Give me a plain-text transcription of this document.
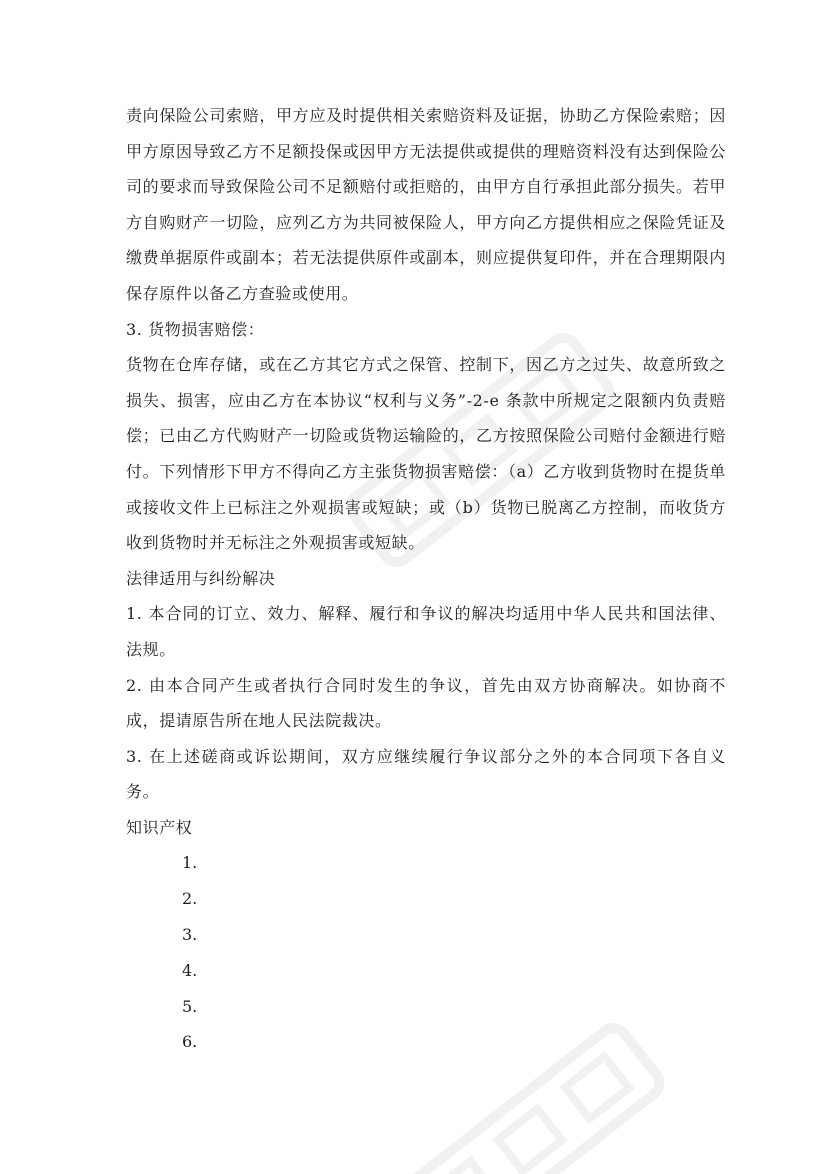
责向保险公司索赔，甲方应及时提供相关索赔资料及证据，协助乙方保险索赔；因甲方原因导致乙方不足额投保或因甲方无法提供或提供的理赔资料没有达到保险公司的要求而导致保险公司不足额赔付或拒赔的，由甲方自行承担此部分损失。若甲方自购财产一切险，应列乙方为共同被保险人，甲方向乙方提供相应之保险凭证及缴费单据原件或副本；若无法提供原件或副本，则应提供复印件，并在合理期限内保存原件以备乙方查验或使用。

3. 货物损害赔偿：

货物在仓库存储，或在乙方其它方式之保管、控制下，因乙方之过失、故意所致之损失、损害，应由乙方在本协议“权利与义务”-2-e 条款中所规定之限额内负责赔偿；已由乙方代购财产一切险或货物运输险的，乙方按照保险公司赔付金额进行赔付。下列情形下甲方不得向乙方主张货物损害赔偿：（a）乙方收到货物时在提货单或接收文件上已标注之外观损害或短缺；或（b）货物已脱离乙方控制，而收货方收到货物时并无标注之外观损害或短缺。

法律适用与纠纷解决

1. 本合同的订立、效力、解释、履行和争议的解决均适用中华人民共和国法律、法规。

2. 由本合同产生或者执行合同时发生的争议，首先由双方协商解决。如协商不成，提请原告所在地人民法院裁决。

3. 在上述磋商或诉讼期间，双方应继续履行争议部分之外的本合同项下各自义务。

知识产权

1.
2.
3.
4.
5.
6.
